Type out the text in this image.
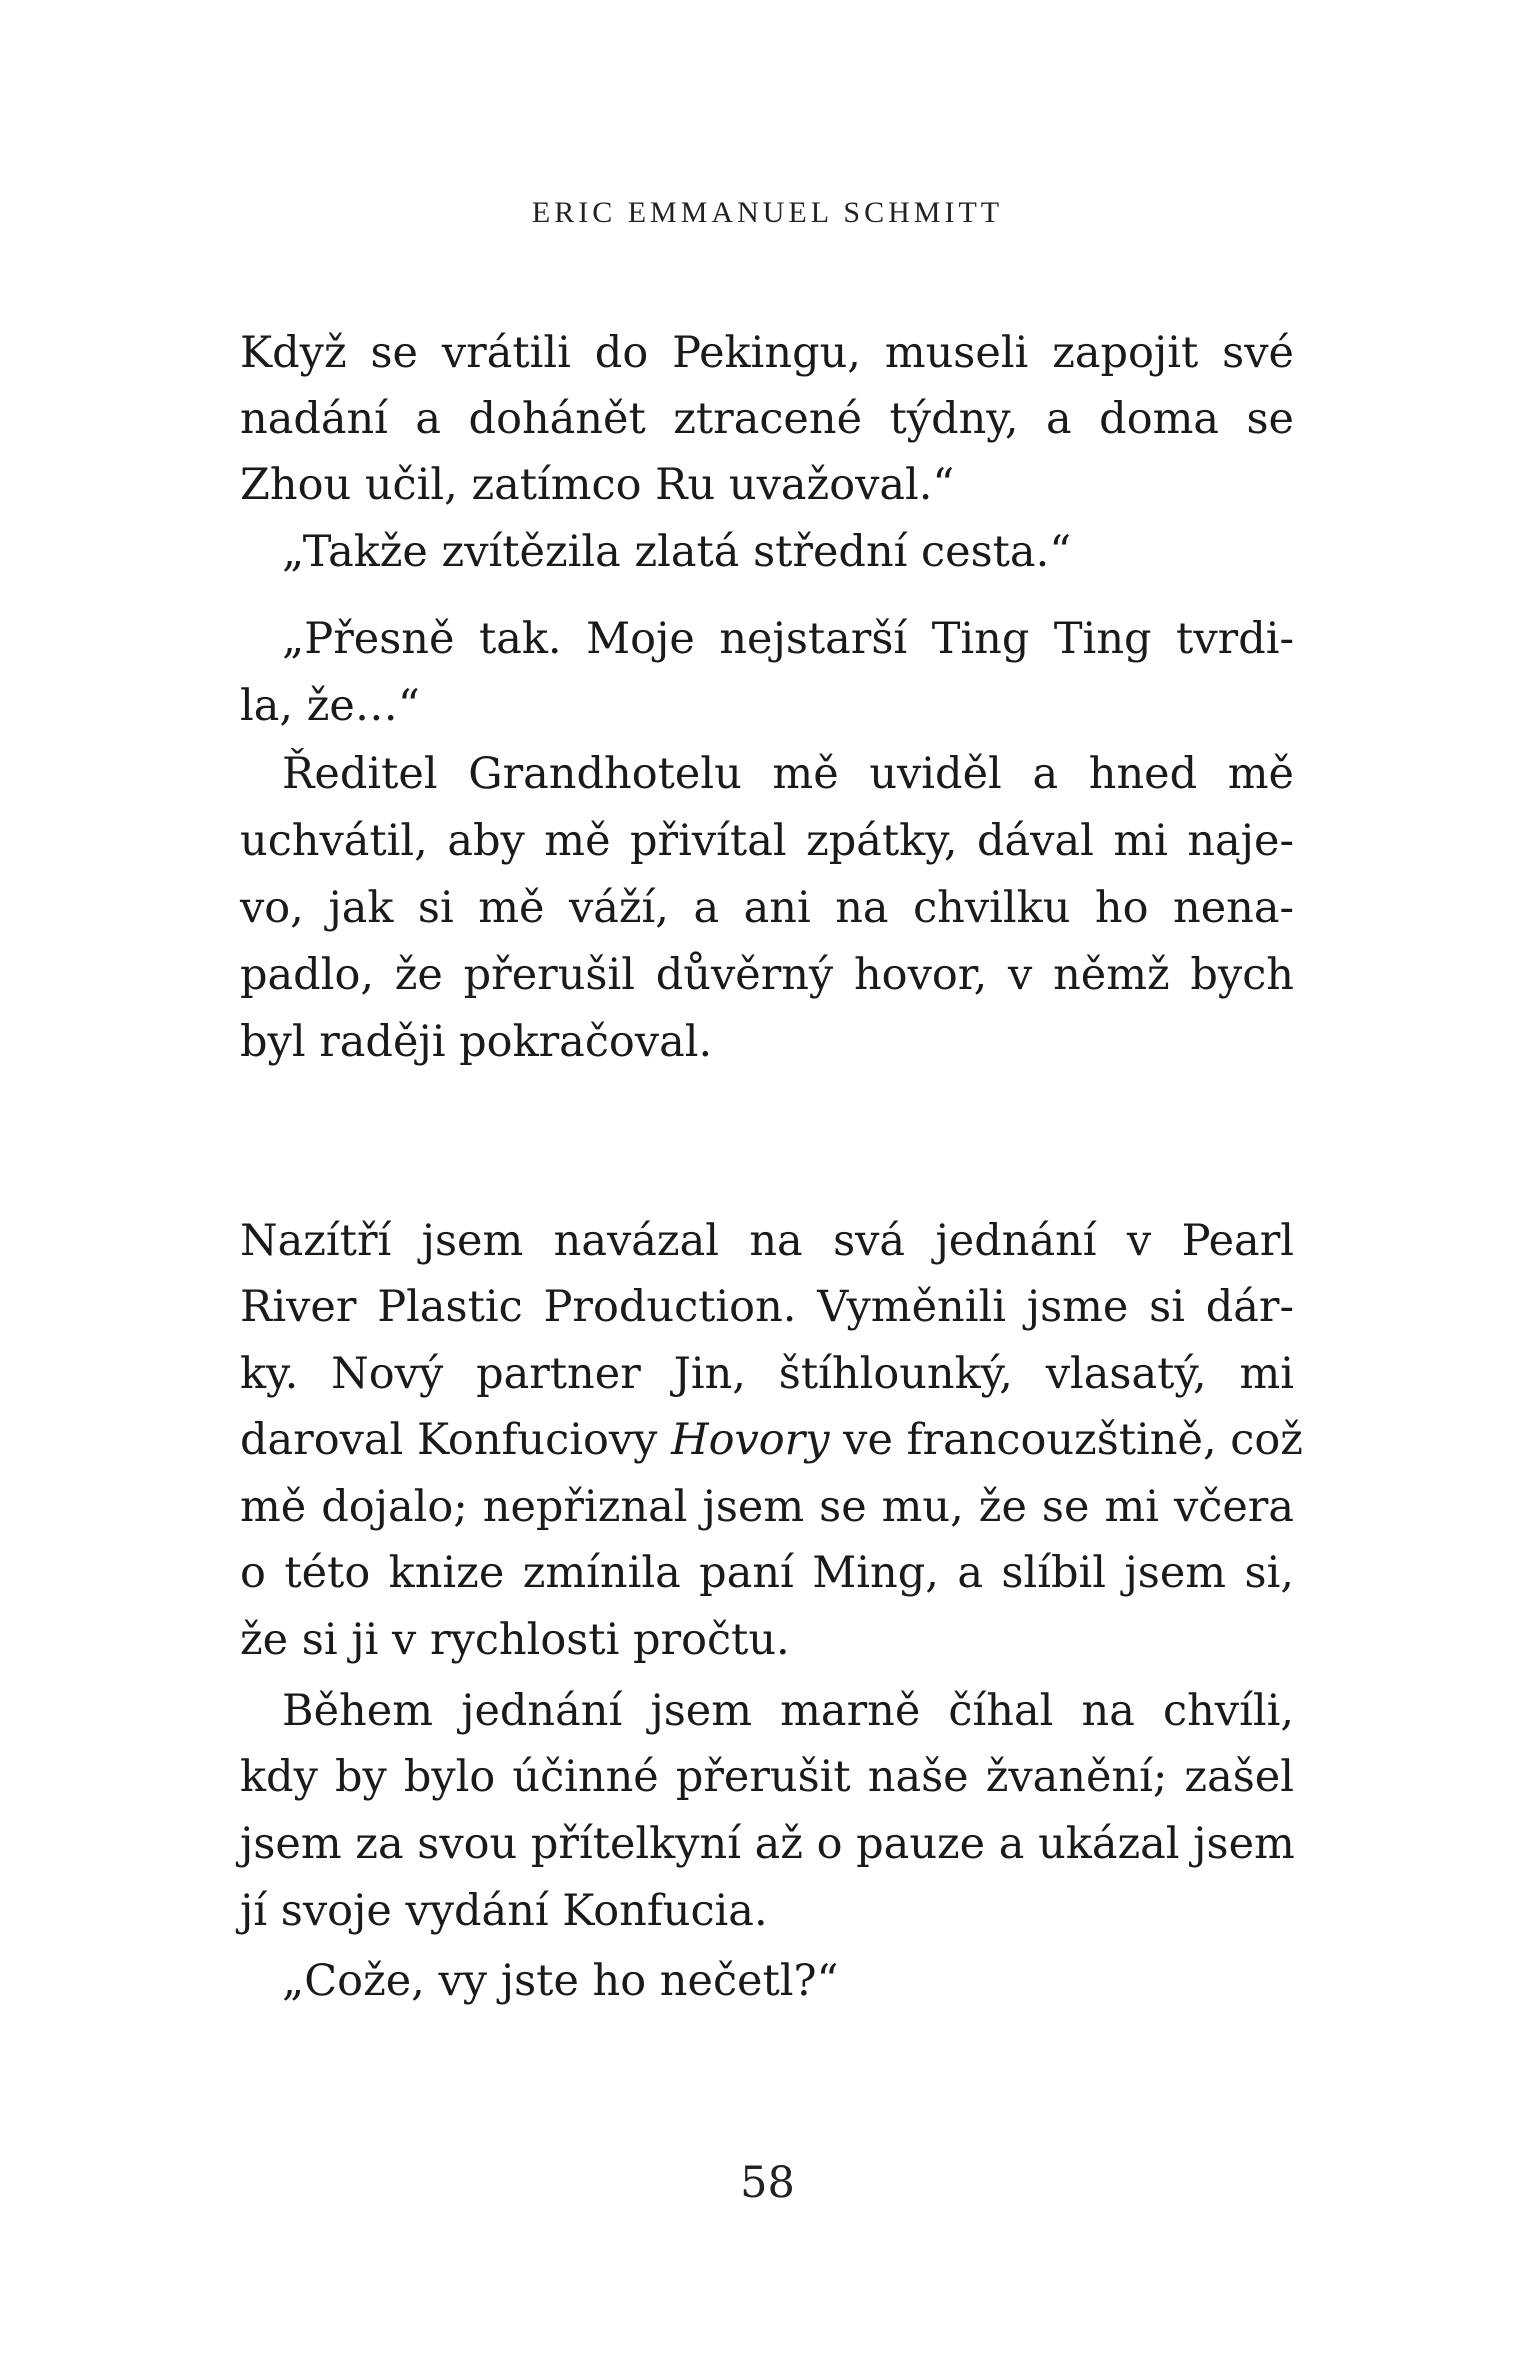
ERIC EMMANUEL SCHMITT
Když se vrátili do Pekingu, museli zapojit své
nadání a dohánět ztracené týdny, a doma se
Zhou učil, zatímco Ru uvažoval.“
„Takže zvítězila zlatá střední cesta.“
„Přesně tak. Moje nejstarší Ting Ting tvrdi-
la, že…“
Ředitel Grandhotelu mě uviděl a hned mě
uchvátil, aby mě přivítal zpátky, dával mi naje-
vo, jak si mě váží, a ani na chvilku ho nena-
padlo, že přerušil důvěrný hovor, v němž bych
byl raději pokračoval.
Nazítří jsem navázal na svá jednání v Pearl
River Plastic Production. Vyměnili jsme si dár-
ky. Nový partner Jin, štíhlounký, vlasatý, mi
daroval Konfuciovy Hovory ve francouzštině, což
mě dojalo; nepřiznal jsem se mu, že se mi včera
o této knize zmínila paní Ming, a slíbil jsem si,
že si ji v rychlosti pročtu.
Během jednání jsem marně číhal na chvíli,
kdy by bylo účinné přerušit naše žvanění; zašel
jsem za svou přítelkyní až o pauze a ukázal jsem
jí svoje vydání Konfucia.
„Cože, vy jste ho nečetl?“
58
